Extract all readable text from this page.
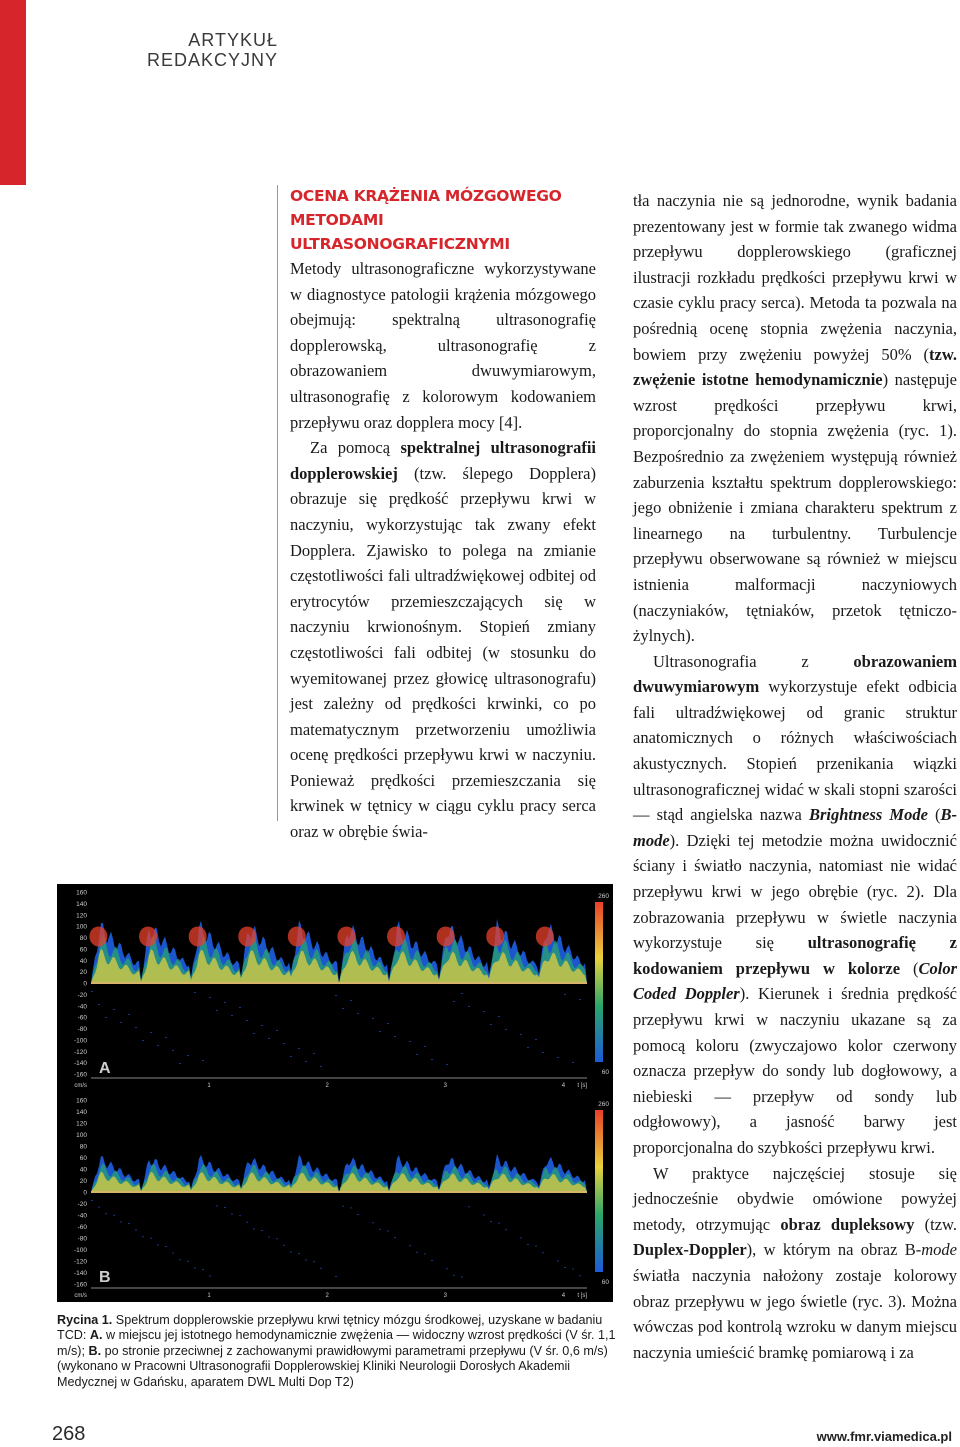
ARTYKUŁ
REDAKCYJNY
OCENA KRĄŻENIA MÓZGOWEGO
METODAMI ULTRASONOGRAFICZNYMI

Metody ultrasonograficzne wykorzystywane w diagnostyce patologii krążenia mózgowego obejmują: spektralną ultrasonografię dopplerowską, ultrasonografię z obrazowaniem dwuwymiarowym, ultrasonografię z kolorowym kodowaniem przepływu oraz dopplera mocy [4].

Za pomocą spektralnej ultrasonografii dopplerowskiej (tzw. ślepego Dopplera) obrazuje się prędkość przepływu krwi w naczyniu, wykorzystując tak zwany efekt Dopplera. Zjawisko to polega na zmianie częstotliwości fali ultradźwiękowej odbitej od erytrocytów przemieszczających się w naczyniu krwionośnym. Stopień zmiany częstotliwości fali odbitej (w stosunku do wyemitowanej przez głowicę ultrasonografu) jest zależny od prędkości krwinki, co po matematycznym przetworzeniu umożliwia ocenę prędkości przepływu krwi w naczyniu. Ponieważ prędkości przemieszczania się krwinek w tętnicy w ciągu cyklu pracy serca oraz w obrębie świa-

tła naczynia nie są jednorodne, wynik badania prezentowany jest w formie tak zwanego widma przepływu dopplerowskiego (graficznej ilustracji rozkładu prędkości przepływu krwi w czasie cyklu pracy serca). Metoda ta pozwala na pośrednią ocenę stopnia zwężenia naczynia, bowiem przy zwężeniu powyżej 50% (tzw. zwężenie istotne hemodynamicznie) następuje wzrost prędkości przepływu krwi, proporcjonalny do stopnia zwężenia (ryc. 1). Bezpośrednio za zwężeniem występują również zaburzenia kształtu spektrum dopplerowskiego: jego obniżenie i zmiana charakteru spektrum z linearnego na turbulentny. Turbulencje przepływu obserwowane są również w miejscu istnienia malformacji naczyniowych (naczyniaków, tętniaków, przetok tętniczo-żylnych).

Ultrasonografia z obrazowaniem dwuwymiarowym wykorzystuje efekt odbicia fali ultradźwiękowej od granic struktur anatomicznych o różnych właściwościach akustycznych. Stopień przenikania wiązki ultrasonograficznej widać w skali stopni szarości — stąd angielska nazwa Brightness Mode (B-mode). Dzięki tej metodzie można uwidocznić ściany i światło naczynia, natomiast nie widać przepływu krwi w jego obrębie (ryc. 2). Dla zobrazowania przepływu w świetle naczynia wykorzystuje się ultrasonografię z kodowaniem przepływu w kolorze (Color Coded Doppler). Kierunek i średnia prędkość przepływu krwi w naczyniu ukazane są za pomocą koloru (zwyczajowo kolor czerwony oznacza przepływ do sondy lub dogłowowy, a niebieski — przepływ od sondy lub odgłowowy), a jasność barwy jest proporcjonalna do szybkości przepływu krwi.

W praktyce najczęściej stosuje się jednocześnie obydwie omówione powyżej metody, otrzymując obraz dupleksowy (tzw. Duplex-Doppler), w którym na obraz B-mode światła naczynia nałożony zostaje kolorowy obraz przepływu w jego świetle (ryc. 3). Można wówczas pod kontrolą wzroku w danym miejscu naczynia umieścić bramkę pomiarową i za

160
140
120
100
80
60
40
20
0
-20
-40
-60
-80
-100
-120
-140
-160
260
60
A
cm/s	1	2	3	4 t [s]
160
140
120
100
80
60
40
20
0
-20
-40
-60
-80
-100
-120
-140
-160
260
60
B
cm/s	1	2	3	4 t [s]
Rycina 1. Spektrum dopplerowskie przepływu krwi tętnicy mózgu środkowej, uzyskane w badaniu TCD: A. w miejscu jej istotnego hemodynamicznie zwężenia — widoczny wzrost prędkości (V śr. 1,1 m/s); B. po stronie przeciwnej z zachowanymi prawidłowymi parametrami przepływu (V śr. 0,6 m/s) (wykonano w Pracowni Ultrasonografii Dopplerowskiej Kliniki Neurologii Dorosłych Akademii Medycznej w Gdańsku, aparatem DWL Multi Dop T2)
268	www.fmr.viamedica.pl
